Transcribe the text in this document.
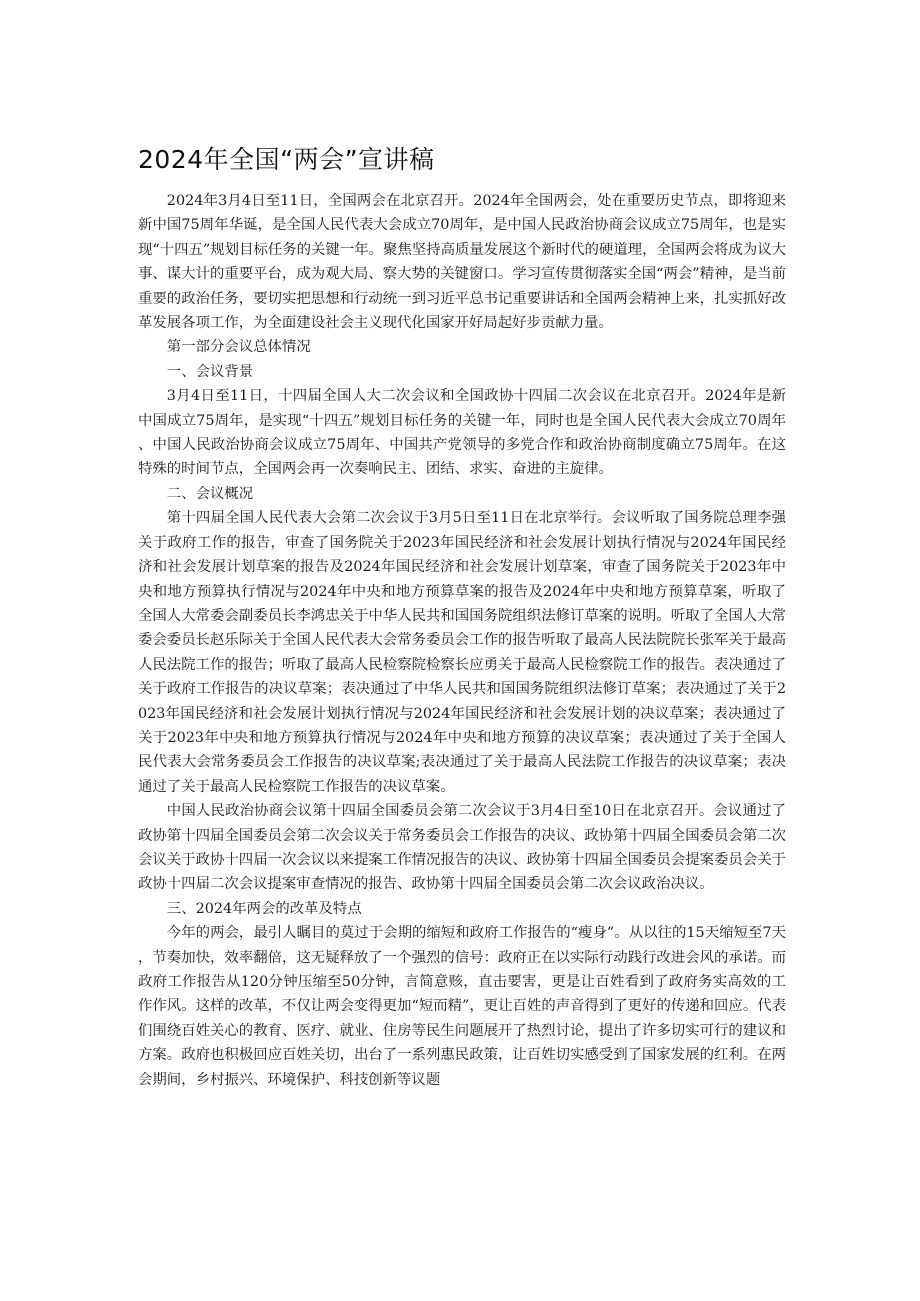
2024年全国“两会”宣讲稿

2024年3月4日至11日，全国两会在北京召开。2024年全国两会，处在重要历史节点，即将迎来新中国75周年华诞，是全国人民代表大会成立70周年，是中国人民政治协商会议成立75周年，也是实现“十四五”规划目标任务的关键一年。聚焦坚持高质量发展这个新时代的硬道理，全国两会将成为议大事、谋大计的重要平台，成为观大局、察大势的关键窗口。学习宣传贯彻落实全国“两会”精神，是当前重要的政治任务，要切实把思想和行动统一到习近平总书记重要讲话和全国两会精神上来，扎实抓好改革发展各项工作，为全面建设社会主义现代化国家开好局起好步贡献力量。

第一部分会议总体情况

一、会议背景

3月4日至11日，十四届全国人大二次会议和全国政协十四届二次会议在北京召开。2024年是新中国成立75周年，是实现“十四五”规划目标任务的关键一年，同时也是全国人民代表大会成立70周年、中国人民政治协商会议成立75周年、中国共产党领导的多党合作和政治协商制度确立75周年。在这特殊的时间节点，全国两会再一次奏响民主、团结、求实、奋进的主旋律。

二、会议概况

第十四届全国人民代表大会第二次会议于3月5日至11日在北京举行。会议听取了国务院总理李强关于政府工作的报告，审查了国务院关于2023年国民经济和社会发展计划执行情况与2024年国民经济和社会发展计划草案的报告及2024年国民经济和社会发展计划草案，审查了国务院关于2023年中央和地方预算执行情况与2024年中央和地方预算草案的报告及2024年中央和地方预算草案，听取了全国人大常委会副委员长李鸿忠关于中华人民共和国国务院组织法修订草案的说明。听取了全国人大常委会委员长赵乐际关于全国人民代表大会常务委员会工作的报告听取了最高人民法院院长张军关于最高人民法院工作的报告；听取了最高人民检察院检察长应勇关于最高人民检察院工作的报告。表决通过了关于政府工作报告的决议草案；表决通过了中华人民共和国国务院组织法修订草案；表决通过了关于2023年国民经济和社会发展计划执行情况与2024年国民经济和社会发展计划的决议草案；表决通过了关于2023年中央和地方预算执行情况与2024年中央和地方预算的决议草案；表决通过了关于全国人民代表大会常务委员会工作报告的决议草案;表决通过了关于最高人民法院工作报告的决议草案；表决通过了关于最高人民检察院工作报告的决议草案。

中国人民政治协商会议第十四届全国委员会第二次会议于3月4日至10日在北京召开。会议通过了政协第十四届全国委员会第二次会议关于常务委员会工作报告的决议、政协第十四届全国委员会第二次会议关于政协十四届一次会议以来提案工作情况报告的决议、政协第十四届全国委员会提案委员会关于政协十四届二次会议提案审查情况的报告、政协第十四届全国委员会第二次会议政治决议。

三、2024年两会的改革及特点

今年的两会，最引人瞩目的莫过于会期的缩短和政府工作报告的“瘦身”。从以往的15天缩短至7天，节奏加快，效率翻倍，这无疑释放了一个强烈的信号：政府正在以实际行动践行改进会风的承诺。而政府工作报告从120分钟压缩至50分钟，言简意赅，直击要害，更是让百姓看到了政府务实高效的工作作风。这样的改革，不仅让两会变得更加“短而精”，更让百姓的声音得到了更好的传递和回应。代表们围绕百姓关心的教育、医疗、就业、住房等民生问题展开了热烈讨论，提出了许多切实可行的建议和方案。政府也积极回应百姓关切，出台了一系列惠民政策，让百姓切实感受到了国家发展的红利。在两会期间，乡村振兴、环境保护、科技创新等议题
